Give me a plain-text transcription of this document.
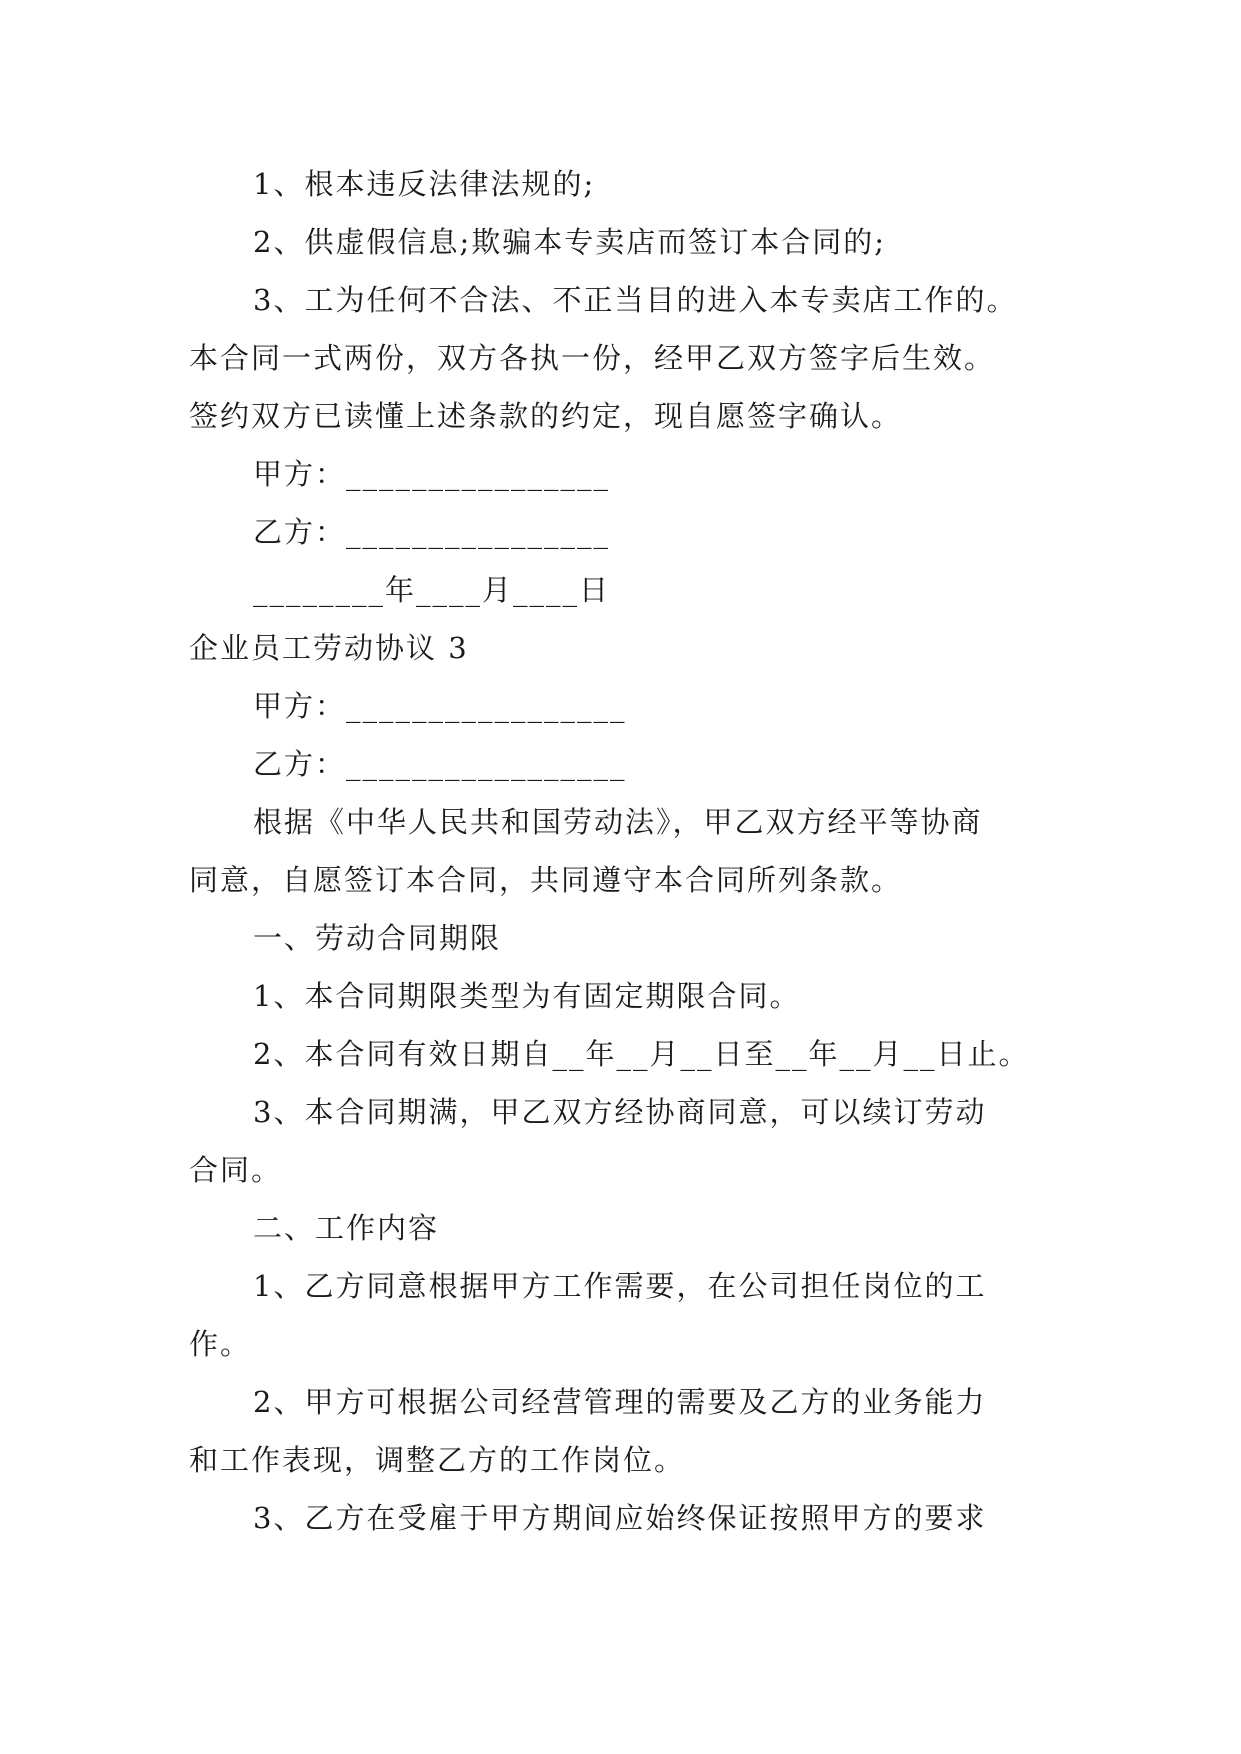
1、根本违反法律法规的;
2、供虚假信息;欺骗本专卖店而签订本合同的;
3、工为任何不合法、不正当目的进入本专卖店工作的。
本合同一式两份，双方各执一份，经甲乙双方签字后生效。
签约双方已读懂上述条款的约定，现自愿签字确认。
甲方：________________
乙方：________________
________年____月____日
企业员工劳动协议 3
甲方：_________________
乙方：_________________
根据《中华人民共和国劳动法》，甲乙双方经平等协商
同意，自愿签订本合同，共同遵守本合同所列条款。
一、劳动合同期限
1、本合同期限类型为有固定期限合同。
2、本合同有效日期自__年__月__日至__年__月__日止。
3、本合同期满，甲乙双方经协商同意，可以续订劳动
合同。
二、工作内容
1、乙方同意根据甲方工作需要，在公司担任岗位的工
作。
2、甲方可根据公司经营管理的需要及乙方的业务能力
和工作表现，调整乙方的工作岗位。
3、乙方在受雇于甲方期间应始终保证按照甲方的要求
